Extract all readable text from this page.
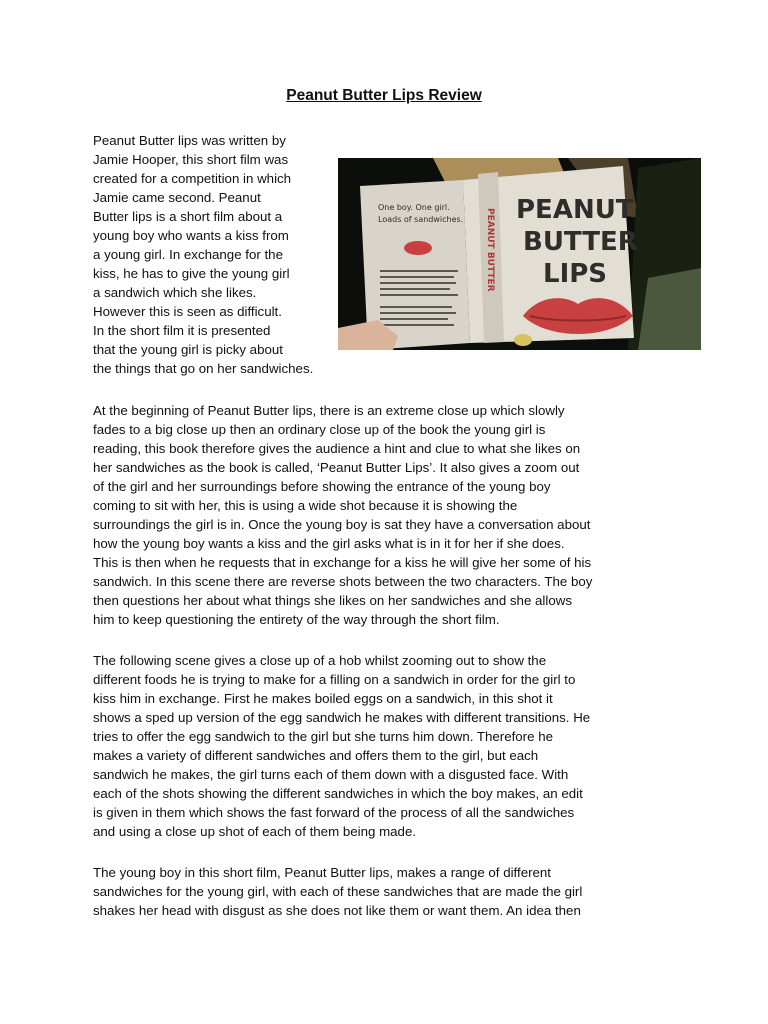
Peanut Butter Lips Review
Peanut Butter lips was written by
Jamie Hooper, this short film was
created for a competition in which
Jamie came second. Peanut
Butter lips is a short film about a
young boy who wants a kiss from
a young girl. In exchange for the
kiss, he has to give the young girl
a sandwich which she likes.
However this is seen as difficult.
In the short film it is presented
that the young girl is picky about
the things that go on her sandwiches.
One boy. One girl.
Loads of sandwiches. PEANUT BUTTER PEANUT
BUTTER
LIPS
At the beginning of Peanut Butter lips, there is an extreme close up which slowly
fades to a big close up then an ordinary close up of the book the young girl is
reading, this book therefore gives the audience a hint and clue to what she likes on
her sandwiches as the book is called, ‘Peanut Butter Lips’. It also gives a zoom out
of the girl and her surroundings before showing the entrance of the young boy
coming to sit with her, this is using a wide shot because it is showing the
surroundings the girl is in. Once the young boy is sat they have a conversation about
how the young boy wants a kiss and the girl asks what is in it for her if she does.
This is then when he requests that in exchange for a kiss he will give her some of his
sandwich. In this scene there are reverse shots between the two characters. The boy
then questions her about what things she likes on her sandwiches and she allows
him to keep questioning the entirety of the way through the short film.
The following scene gives a close up of a hob whilst zooming out to show the
different foods he is trying to make for a filling on a sandwich in order for the girl to
kiss him in exchange. First he makes boiled eggs on a sandwich, in this shot it
shows a sped up version of the egg sandwich he makes with different transitions. He
tries to offer the egg sandwich to the girl but she turns him down. Therefore he
makes a variety of different sandwiches and offers them to the girl, but each
sandwich he makes, the girl turns each of them down with a disgusted face. With
each of the shots showing the different sandwiches in which the boy makes, an edit
is given in them which shows the fast forward of the process of all the sandwiches
and using a close up shot of each of them being made.
The young boy in this short film, Peanut Butter lips, makes a range of different
sandwiches for the young girl, with each of these sandwiches that are made the girl
shakes her head with disgust as she does not like them or want them. An idea then
